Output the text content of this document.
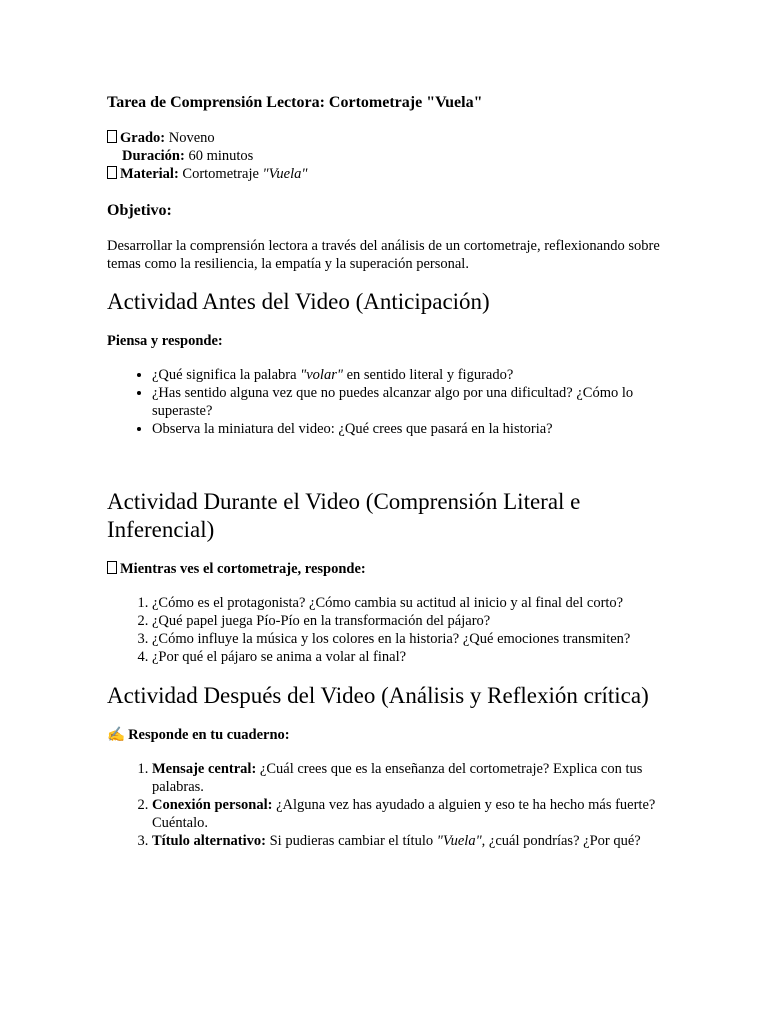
Tarea de Comprensión Lectora: Cortometraje "Vuela"

Grado: Noveno
Duración: 60 minutos
Material: Cortometraje "Vuela"

Objetivo:

Desarrollar la comprensión lectora a través del análisis de un cortometraje, reflexionando sobre temas como la resiliencia, la empatía y la superación personal.

Actividad Antes del Video (Anticipación)

Piensa y responde:

• ¿Qué significa la palabra "volar" en sentido literal y figurado?
• ¿Has sentido alguna vez que no puedes alcanzar algo por una dificultad? ¿Cómo lo superaste?
• Observa la miniatura del video: ¿Qué crees que pasará en la historia?
Actividad Durante el Video (Comprensión Literal e Inferencial)

Mientras ves el cortometraje, responde:

1. ¿Cómo es el protagonista? ¿Cómo cambia su actitud al inicio y al final del corto?
2. ¿Qué papel juega Pío-Pío en la transformación del pájaro?
3. ¿Cómo influye la música y los colores en la historia? ¿Qué emociones transmiten?
4. ¿Por qué el pájaro se anima a volar al final?
Actividad Después del Video (Análisis y Reflexión crítica)

✍ Responde en tu cuaderno:

1. Mensaje central: ¿Cuál crees que es la enseñanza del cortometraje? Explica con tus palabras.
2. Conexión personal: ¿Alguna vez has ayudado a alguien y eso te ha hecho más fuerte? Cuéntalo.
3. Título alternativo: Si pudieras cambiar el título "Vuela", ¿cuál pondrías? ¿Por qué?
